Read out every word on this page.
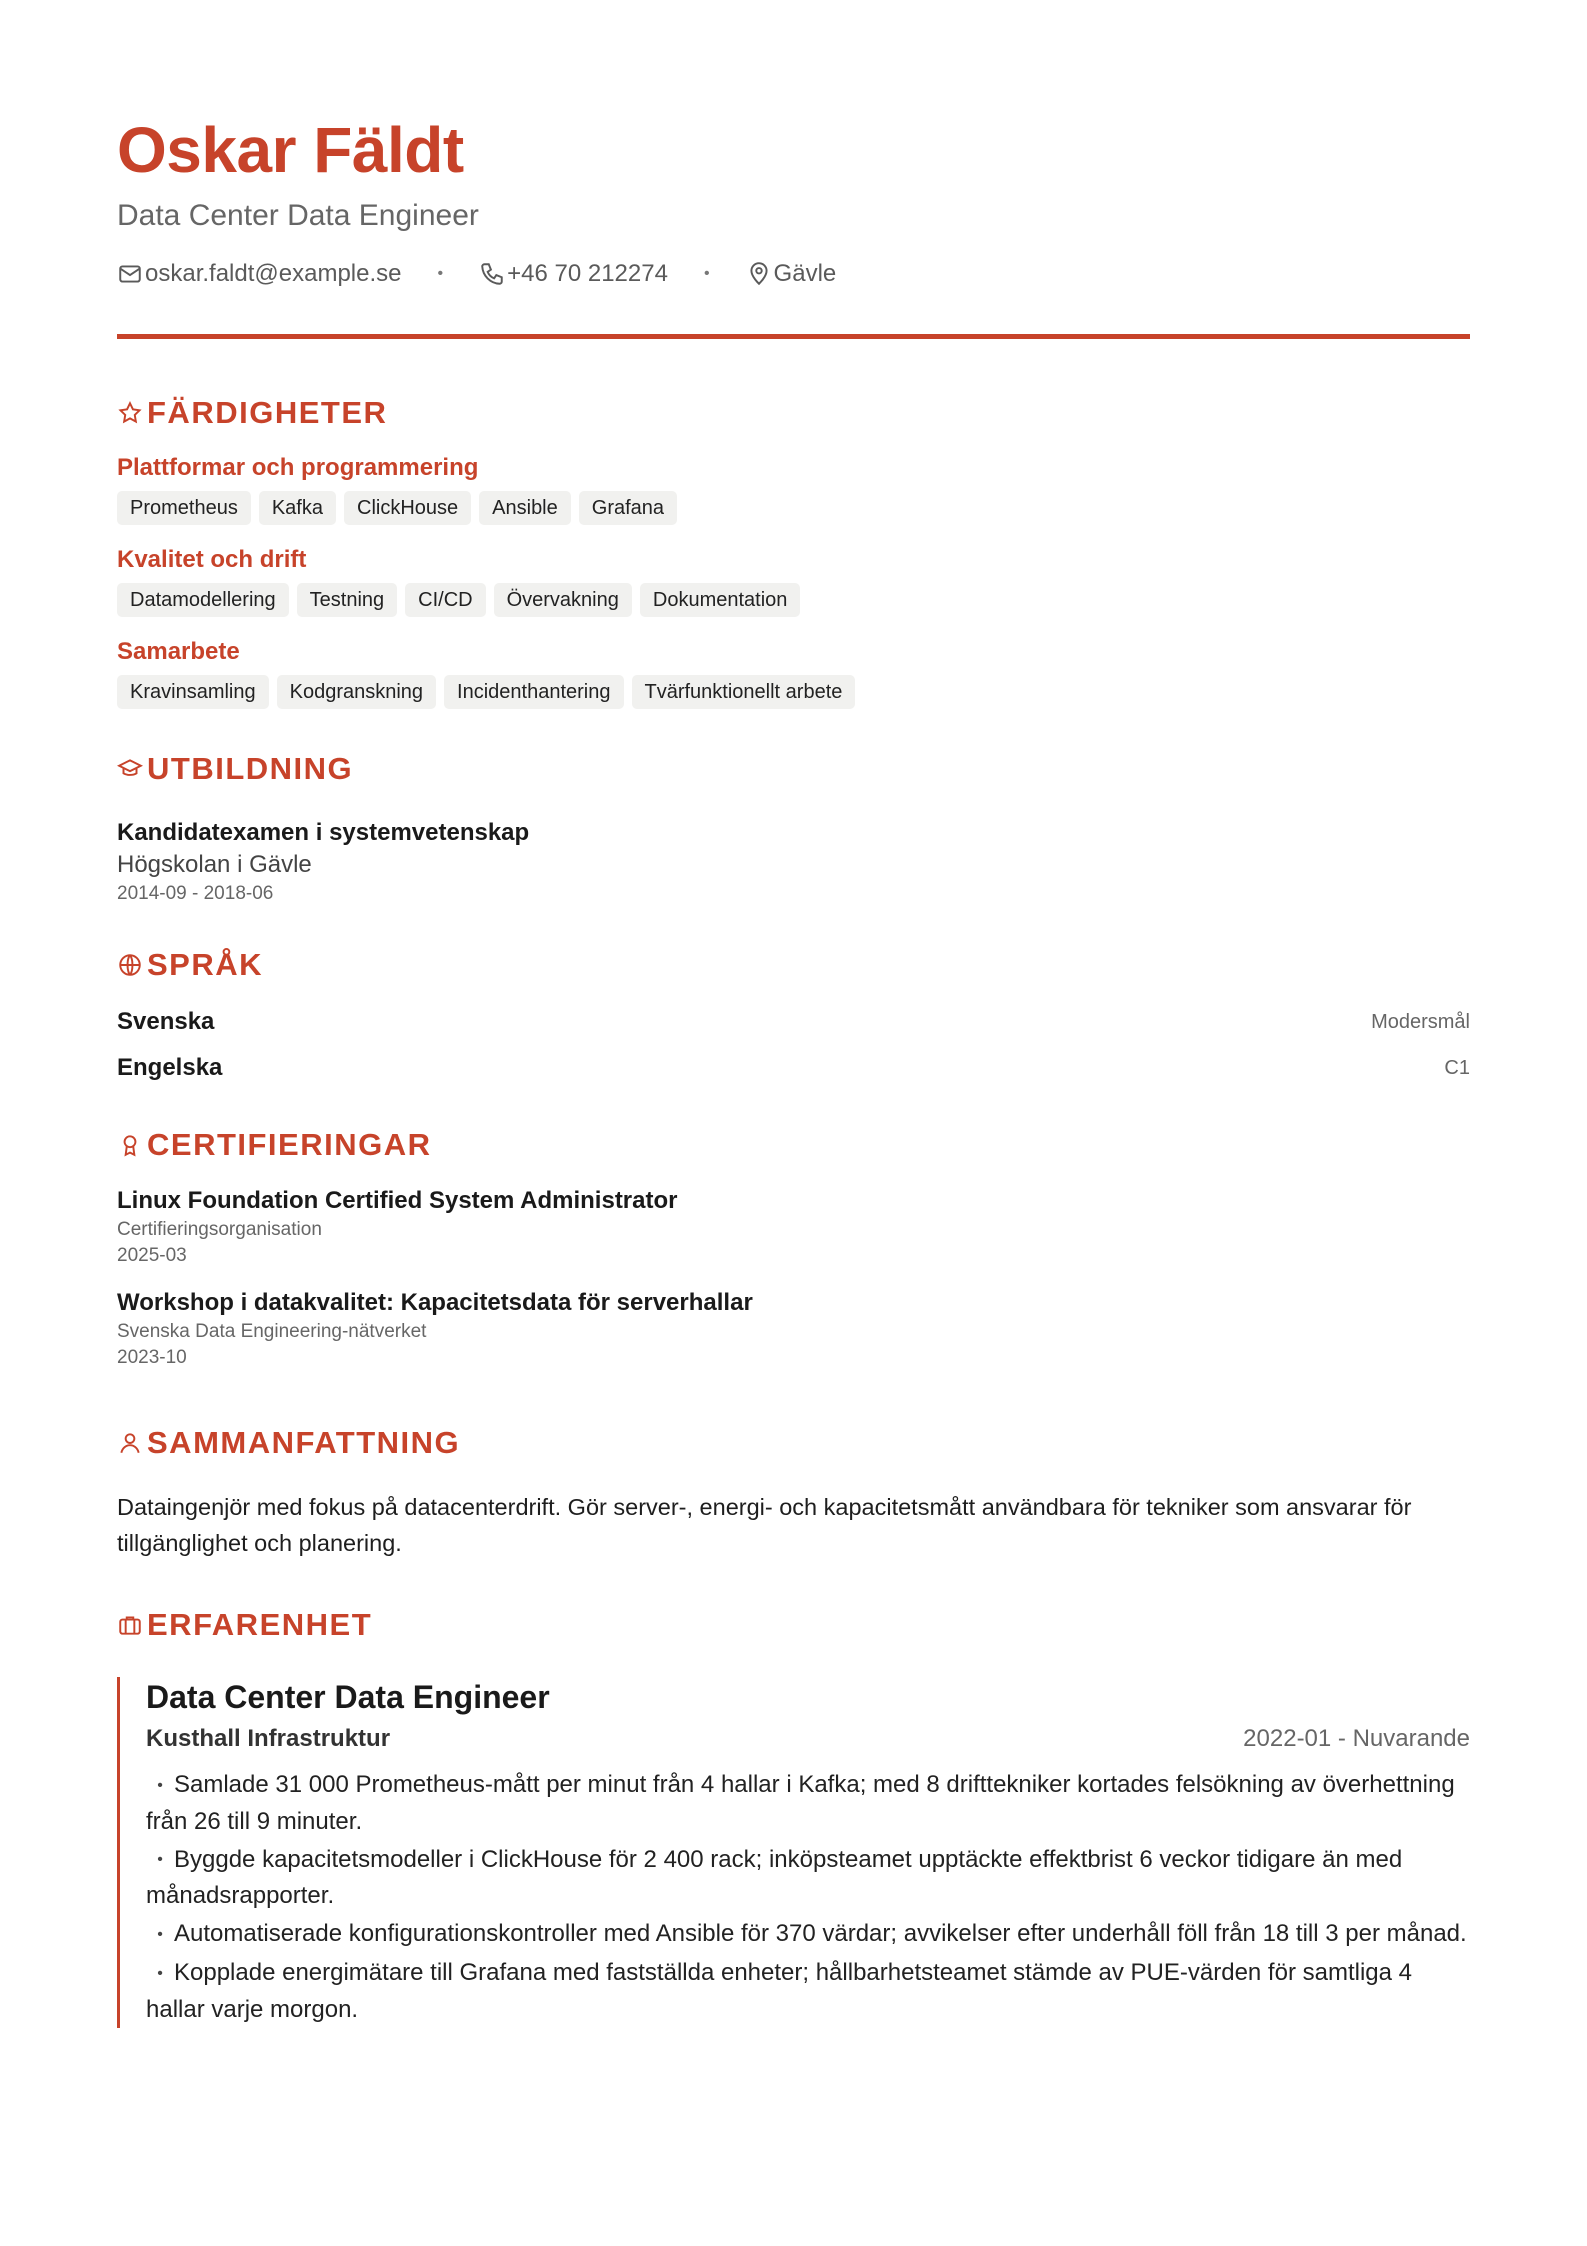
Oskar Fäldt
Data Center Data Engineer
oskar.faldt@example.se •	+46 70 212274 •	Gävle
FÄRDIGHETER
Plattformar och programmering
Prometheus	Kafka	ClickHouse	Ansible	Grafana
Kvalitet och drift
Datamodellering	Testning	CI/CD	Övervakning	Dokumentation
Samarbete
Kravinsamling	Kodgranskning	Incidenthantering	Tvärfunktionellt arbete
UTBILDNING
Kandidatexamen i systemvetenskap
Högskolan i Gävle
2014-09 - 2018-06
SPRÅK
Svenska	Modersmål
Engelska	C1
CERTIFIERINGAR
Linux Foundation Certified System Administrator
Certifieringsorganisation
2025-03
Workshop i datakvalitet: Kapacitetsdata för serverhallar
Svenska Data Engineering-nätverket
2023-10
SAMMANFATTNING
Dataingenjör med fokus på datacenterdrift. Gör server-, energi- och kapacitetsmått användbara för tekniker som ansvarar för tillgänglighet och planering.
ERFARENHET
Data Center Data Engineer
Kusthall Infrastruktur	2022-01 - Nuvarande
• Samlade 31 000 Prometheus-mått per minut från 4 hallar i Kafka; med 8 drifttekniker kortades felsökning av överhettning från 26 till 9 minuter.
• Byggde kapacitetsmodeller i ClickHouse för 2 400 rack; inköpsteamet upptäckte effektbrist 6 veckor tidigare än med månadsrapporter.
• Automatiserade konfigurationskontroller med Ansible för 370 värdar; avvikelser efter underhåll föll från 18 till 3 per månad.
• Kopplade energimätare till Grafana med fastställda enheter; hållbarhetsteamet stämde av PUE-värden för samtliga 4 hallar varje morgon.
